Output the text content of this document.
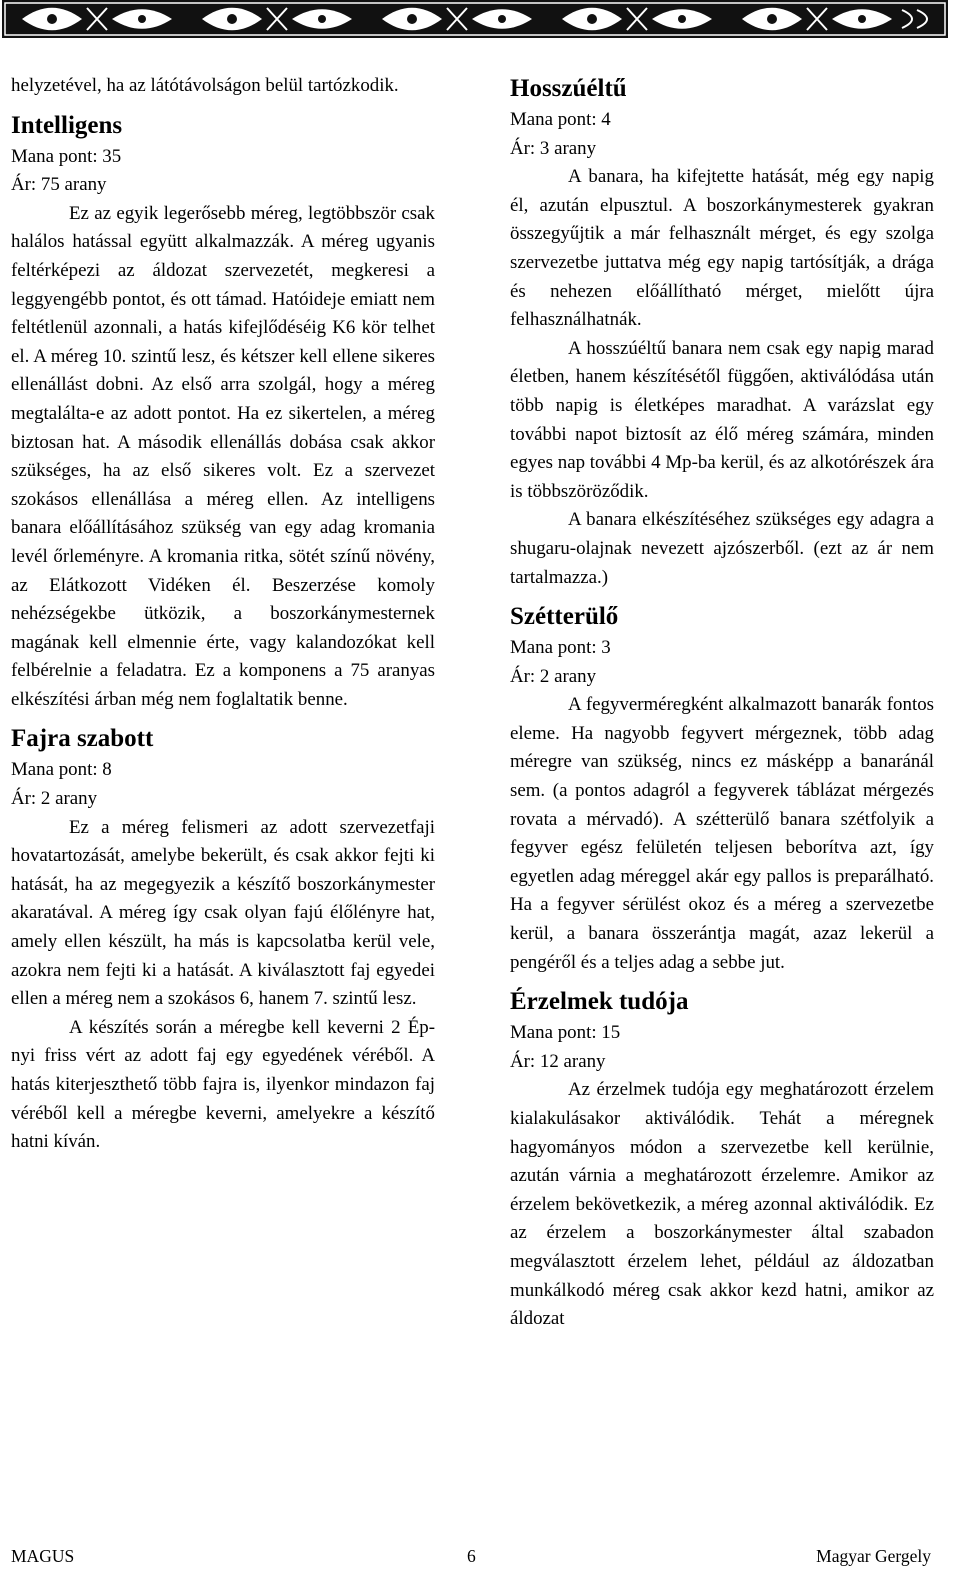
helyzetével, ha az látótávolságon belül tartózkodik.

Intelligens
Mana pont: 35
Ár: 75 arany

Ez az egyik legerősebb méreg, legtöbbször csak halálos hatással együtt alkalmazzák. A méreg ugyanis feltérképezi az áldozat szervezetét, megkeresi a leggyengébb pontot, és ott támad. Hatóideje emiatt nem feltétlenül azonnali, a hatás kifejlődéséig K6 kör telhet el. A méreg 10. szintű lesz, és kétszer kell ellene sikeres ellenállást dobni. Az első arra szolgál, hogy a méreg megtalálta-e az adott pontot. Ha ez sikertelen, a méreg biztosan hat. A második ellenállás dobása csak akkor szükséges, ha az első sikeres volt. Ez a szervezet szokásos ellenállása a méreg ellen. Az intelligens banara előállításához szükség van egy adag kromania levél őrleményre. A kromania ritka, sötét színű növény, az Elátkozott Vidéken él. Beszerzése komoly nehézségekbe ütközik, a boszorkánymesternek magának kell elmennie érte, vagy kalandozókat kell felbérelnie a feladatra. Ez a komponens a 75 aranyas elkészítési árban még nem foglaltatik benne.

Fajra szabott
Mana pont: 8
Ár: 2 arany

Ez a méreg felismeri az adott szervezetfaji hovatartozását, amelybe bekerült, és csak akkor fejti ki hatását, ha az megegyezik a készítő boszorkánymester akaratával. A méreg így csak olyan fajú élőlényre hat, amely ellen készült, ha más is kapcsolatba kerül vele, azokra nem fejti ki a hatását. A kiválasztott faj egyedei ellen a méreg nem a szokásos 6, hanem 7. szintű lesz.

A készítés során a méregbe kell keverni 2 Ép-nyi friss vért az adott faj egy egyedének véréből. A hatás kiterjeszthető több fajra is, ilyenkor mindazon faj véréből kell a méregbe keverni, amelyekre a készítő hatni kíván.

Hosszúéltű
Mana pont: 4
Ár: 3 arany

A banara, ha kifejtette hatását, még egy napig él, azután elpusztul. A boszorkánymesterek gyakran összegyűjtik a már felhasznált mérget, és egy szolga szervezetbe juttatva még egy napig tartósítják, a drága és nehezen előállítható mérget, mielőtt újra felhasználhatnák.

A hosszúéltű banara nem csak egy napig marad életben, hanem készítésétől függően, aktiválódása után több napig is életképes maradhat. A varázslat egy további napot biztosít az élő méreg számára, minden egyes nap további 4 Mp-ba kerül, és az alkotórészek ára is többszöröződik.

A banara elkészítéséhez szükséges egy adagra a shugaru-olajnak nevezett ajzószerből. (ezt az ár nem tartalmazza.)

Szétterülő
Mana pont: 3
Ár: 2 arany

A fegyverméregként alkalmazott banarák fontos eleme. Ha nagyobb fegyvert mérgeznek, több adag méregre van szükség, nincs ez másképp a banaránál sem. (a pontos adagról a fegyverek táblázat mérgezés rovata a mérvadó). A szétterülő banara szétfolyik a fegyver egész felületén teljesen beborítva azt, így egyetlen adag méreggel akár egy pallos is preparálható. Ha a fegyver sérülést okoz és a méreg a szervezetbe kerül, a banara összerántja magát, azaz lekerül a pengéről és a teljes adag a sebbe jut.

Érzelmek tudója
Mana pont: 15
Ár: 12 arany

Az érzelmek tudója egy meghatározott érzelem kialakulásakor aktiválódik. Tehát a méregnek hagyományos módon a szervezetbe kell kerülnie, azután várnia a meghatározott érzelemre. Amikor az érzelem bekövetkezik, a méreg azonnal aktiválódik. Ez az érzelem a boszorkánymester által szabadon megválasztott érzelem lehet, például az áldozatban munkálkodó méreg csak akkor kezd hatni, amikor az áldozat

MAGUS	6	Magyar Gergely
